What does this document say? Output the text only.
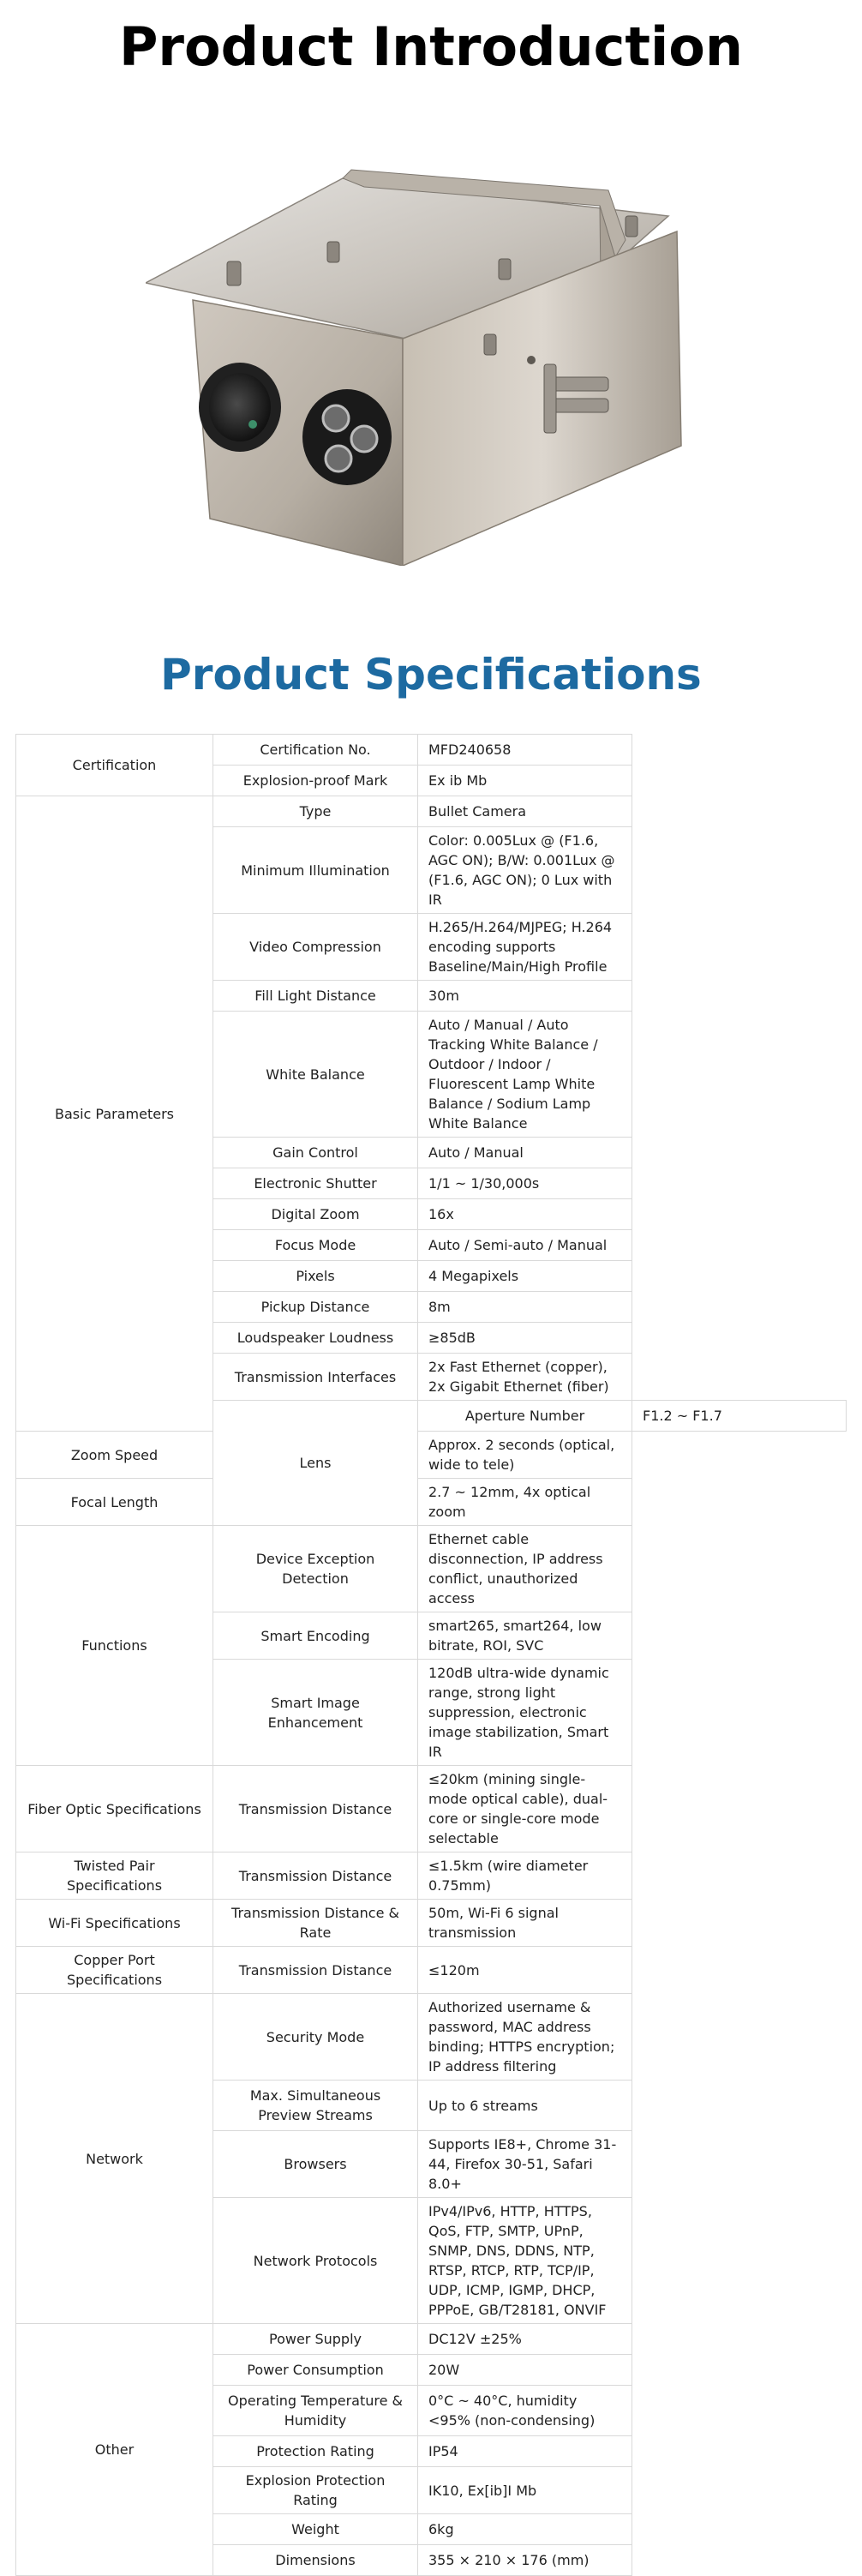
Product Introduction
Product Specifications
Certification	Certification No.	MFD240658	
	Explosion-proof Mark	Ex ib Mb	
Basic Parameters	Type	Bullet Camera	
	Minimum Illumination	Color: 0.005Lux @ (F1.6, AGC ON); B/W: 0.001Lux @ (F1.6, AGC ON); 0 Lux with IR	
	Video Compression	H.265/H.264/MJPEG; H.264 encoding supports Baseline/Main/High Profile	
	Fill Light Distance	30m	
	White Balance	Auto / Manual / Auto Tracking White Balance / Outdoor / Indoor / Fluorescent Lamp White Balance / Sodium Lamp White Balance	
	Gain Control	Auto / Manual	
	Electronic Shutter	1/1 ~ 1/30,000s	
	Digital Zoom	16x	
	Focus Mode	Auto / Semi-auto / Manual	
	Pixels	4 Megapixels	
	Pickup Distance	8m	
	Loudspeaker Loudness	≥85dB	
	Transmission Interfaces	2x Fast Ethernet (copper), 2x Gigabit Ethernet (fiber)	
	Lens	Aperture Number	F1.2 ~ F1.7
Zoom Speed		Approx. 2 seconds (optical, wide to tele)	
Focal Length		2.7 ~ 12mm, 4x optical zoom	
Functions	Device Exception Detection	Ethernet cable disconnection, IP address conflict, unauthorized access	
	Smart Encoding	smart265, smart264, low bitrate, ROI, SVC	
	Smart Image Enhancement	120dB ultra-wide dynamic range, strong light suppression, electronic image stabilization, Smart IR	
Fiber Optic Specifications	Transmission Distance	≤20km (mining single-mode optical cable), dual-core or single-core mode selectable	
Twisted Pair Specifications	Transmission Distance	≤1.5km (wire diameter 0.75mm)	
Wi-Fi Specifications	Transmission Distance & Rate	50m, Wi-Fi 6 signal transmission	
Copper Port Specifications	Transmission Distance	≤120m	
Network	Security Mode	Authorized username & password, MAC address binding; HTTPS encryption; IP address filtering	
	Max. Simultaneous Preview Streams	Up to 6 streams	
	Browsers	Supports IE8+, Chrome 31-44, Firefox 30-51, Safari 8.0+	
	Network Protocols	IPv4/IPv6, HTTP, HTTPS, QoS, FTP, SMTP, UPnP, SNMP, DNS, DDNS, NTP, RTSP, RTCP, RTP, TCP/IP, UDP, ICMP, IGMP, DHCP, PPPoE, GB/T28181, ONVIF	
Other	Power Supply	DC12V ±25%	
	Power Consumption	20W	
	Operating Temperature & Humidity	0°C ~ 40°C, humidity <95% (non-condensing)	
	Protection Rating	IP54	
	Explosion Protection Rating	IK10, Ex[ib]I Mb	
	Weight	6kg	
	Dimensions	355 × 210 × 176 (mm)	
